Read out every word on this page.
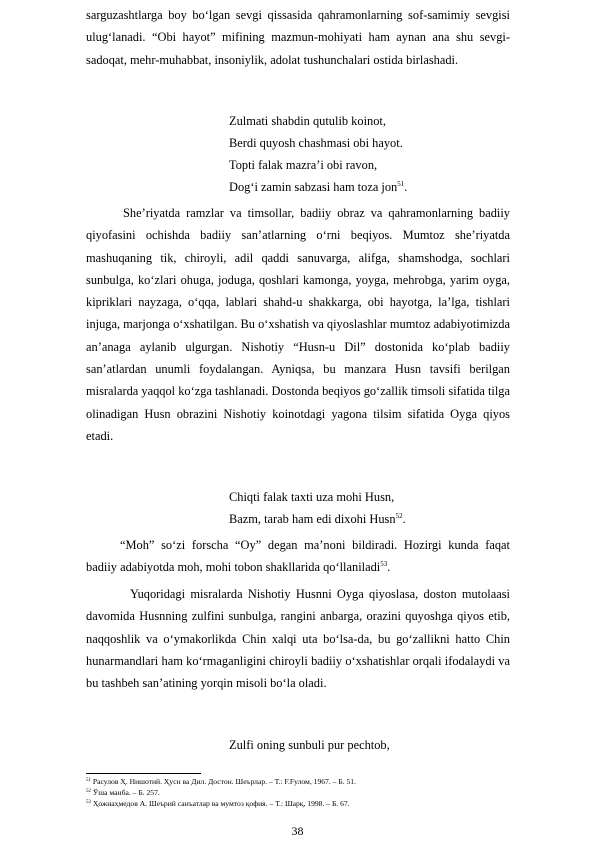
sarguzashtlarga boy boʻlgan sevgi qissasida qahramonlarning sof-samimiy sevgisi ulugʻlanadi. “Obi hayot” mifining mazmun-mohiyati ham aynan ana shu sevgi-sadoqat, mehr-muhabbat, insoniylik, adolat tushunchalari ostida birlashadi.

Zulmati shabdin qutulib koinot,

Berdi quyosh chashmasi obi hayot.

Topti falak mazra’i obi ravon,

Dogʻi zamin sabzasi ham toza jon$^{51}$.

She’riyatda ramzlar va timsollar, badiiy obraz va qahramonlarning badiiy qiyofasini ochishda badiiy san’atlarning oʻrni beqiyos. Mumtoz she’riyatda mashuqaning tik, chiroyli, adil qaddi sanuvarga, alifga, shamshodga, sochlari sunbulga, koʻzlari ohuga, joduga, qoshlari kamonga, yoyga, mehrobga, yarim oyga, kipriklari nayzaga, oʻqqa, lablari shahd-u shakkarga, obi hayotga, la’lga, tishlari injuga, marjonga oʻxshatilgan. Bu oʻxshatish va qiyoslashlar mumtoz adabiyotimizda an’anaga aylanib ulgurgan. Nishotiy “Husn-u Dil” dostonida koʻplab badiiy san’atlardan unumli foydalangan. Ayniqsa, bu manzara Husn tavsifi berilgan misralarda yaqqol koʻzga tashlanadi. Dostonda beqiyos goʻzallik timsoli sifatida tilga olinadigan Husn obrazini Nishotiy koinotdagi yagona tilsim sifatida Oyga qiyos etadi.

Chiqti falak taxti uza mohi Husn,

Bazm, tarab ham edi dixohi Husn$^{52}$.

“Moh” soʻzi forscha “Oy” degan ma’noni bildiradi. Hozirgi kunda faqat badiiy adabiyotda moh, mohi tobon shakllarida qoʻllaniladi$^{53}$.

Yuqoridagi misralarda Nishotiy Husnni Oyga qiyoslasa, doston mutolaasi davomida Husnning zulfini sunbulga, rangini anbarga, orazini quyoshga qiyos etib, naqqoshlik va oʻymakorlikda Chin xalqi uta boʻlsa-da, bu goʻzallikni hatto Chin hunarmandlari ham koʻrmaganligini chiroyli badiiy oʻxshatishlar orqali ifodalaydi va bu tashbeh san’atining yorqin misoli boʻla oladi.

Zulfi oning sunbuli pur pechtob,

$^{51}$ Расулов Ҳ. Нишотий. Ҳусн ва Дил. Достон. Шеърлар. – Т.: F.Fулом, 1967. – Б. 51.

$^{52}$ Ўша манба. – Б. 257.

$^{53}$ Ҳожиаҳмедов А. Шеърий санъатлар ва мумтоз қофия. – Т.: Шарқ, 1998. – Б. 67.

38
